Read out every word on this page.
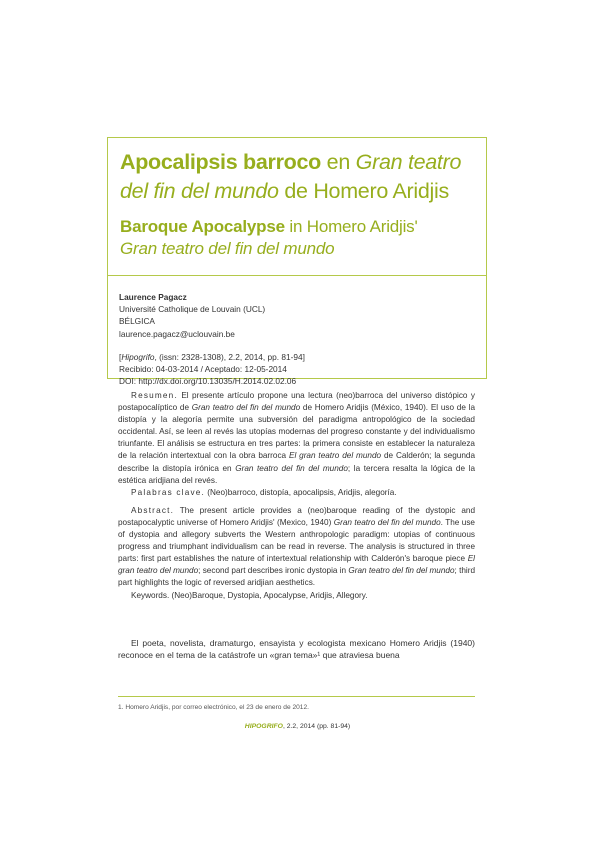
Apocalipsis barroco en Gran teatro del fin del mundo de Homero Aridjis
Baroque Apocalypse in Homero Aridjis'
Gran teatro del fin del mundo
Laurence Pagacz
Université Catholique de Louvain (UCL)
BÉLGICA
laurence.pagacz@uclouvain.be
[Hipogrifo, (issn: 2328-1308), 2.2, 2014, pp. 81-94]
Recibido: 04-03-2014 / Aceptado: 12-05-2014
DOI: http://dx.doi.org/10.13035/H.2014.02.02.06

Resumen. El presente artículo propone una lectura (neo)barroca del universo distópico y postapocalíptico de Gran teatro del fin del mundo de Homero Aridjis (México, 1940). El uso de la distopía y la alegoría permite una subversión del paradigma antropológico de la sociedad occidental. Así, se leen al revés las utopías modernas del progreso constante y del individualismo triunfante. El análisis se estructura en tres partes: la primera consiste en establecer la naturaleza de la relación intertextual con la obra barroca El gran teatro del mundo de Calderón; la segunda describe la distopía irónica en Gran teatro del fin del mundo; la tercera resalta la lógica de la estética aridjiana del revés.

Palabras clave. (Neo)barroco, distopía, apocalipsis, Aridjis, alegoría.

Abstract. The present article provides a (neo)baroque reading of the dystopic and postapocalyptic universe of Homero Aridjis' (Mexico, 1940) Gran teatro del fin del mundo. The use of dystopia and allegory subverts the Western anthropologic paradigm: utopias of continuous progress and triumphant individualism can be read in reverse. The analysis is structured in three parts: first part establishes the nature of intertextual relationship with Calderón's baroque piece El gran teatro del mundo; second part describes ironic dystopia in Gran teatro del fin del mundo; third part highlights the logic of reversed aridjian aesthetics.

Keywords. (Neo)Baroque, Dystopia, Apocalypse, Aridjis, Allegory.

El poeta, novelista, dramaturgo, ensayista y ecologista mexicano Homero Aridjis (1940) reconoce en el tema de la catástrofe un «gran tema»¹ que atraviesa buena

1. Homero Aridjis, por correo electrónico, el 23 de enero de 2012.
HIPOGRIFO, 2.2, 2014 (pp. 81-94)
